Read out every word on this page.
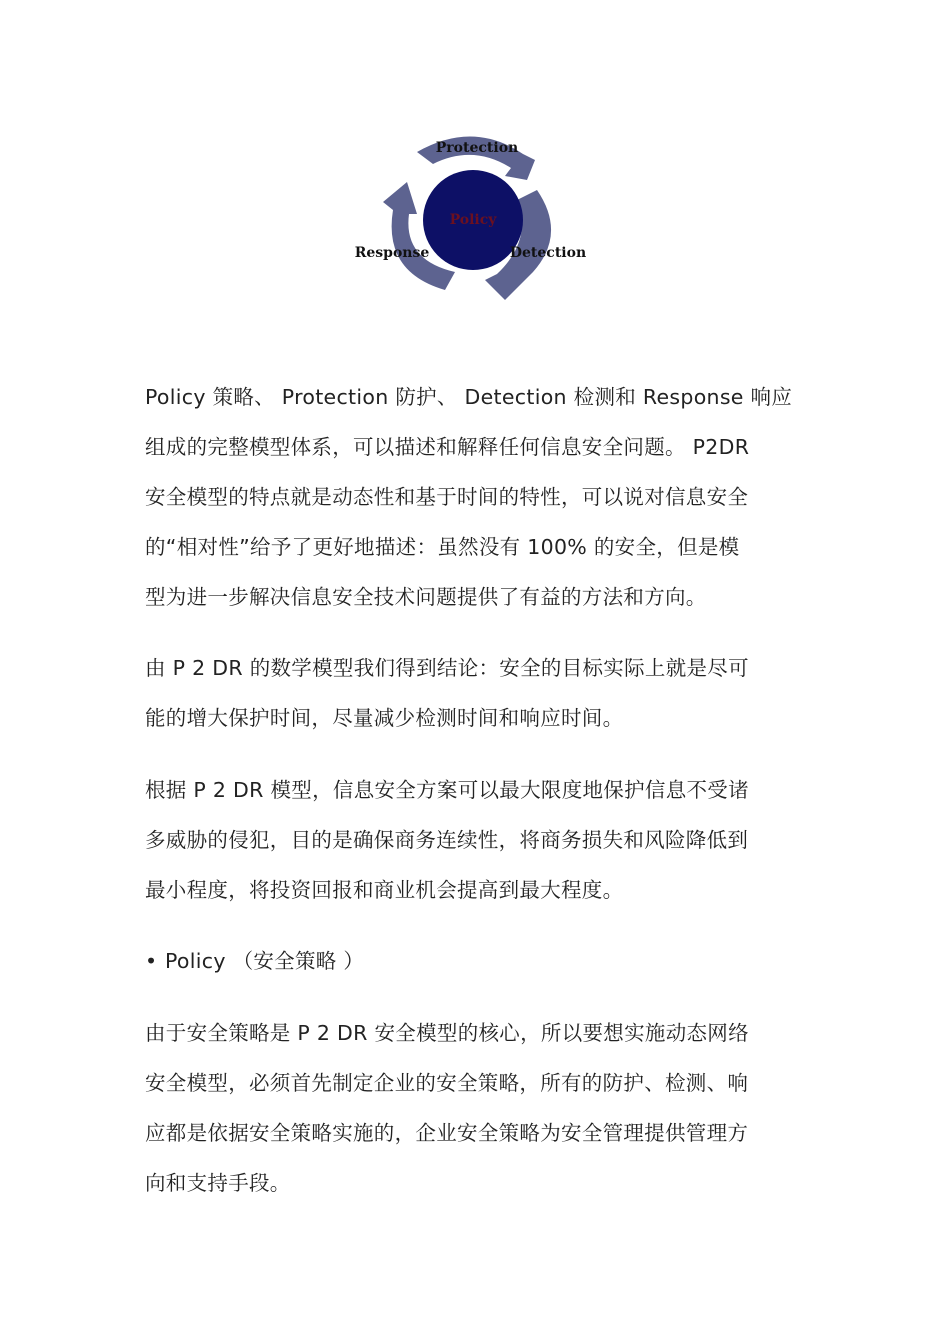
Policy
Protection
Detection
Response
Policy 策略、 Protection 防护、 Detection 检测和 Response 响应
组成的完整模型体系，可以描述和解释任何信息安全问题。 P2DR
安全模型的特点就是动态性和基于时间的特性，可以说对信息安全
的“相对性”给予了更好地描述：虽然没有 100% 的安全，但是模
型为进一步解决信息安全技术问题提供了有益的方法和方向。
由 P 2 DR 的数学模型我们得到结论：安全的目标实际上就是尽可
能的增大保护时间，尽量减少检测时间和响应时间。
根据 P 2 DR 模型，信息安全方案可以最大限度地保护信息不受诸
多威胁的侵犯，目的是确保商务连续性，将商务损失和风险降低到
最小程度，将投资回报和商业机会提高到最大程度。
• Policy （安全策略 ）
由于安全策略是 P 2 DR 安全模型的核心，所以要想实施动态网络
安全模型，必须首先制定企业的安全策略，所有的防护、检测、响
应都是依据安全策略实施的，企业安全策略为安全管理提供管理方
向和支持手段。
